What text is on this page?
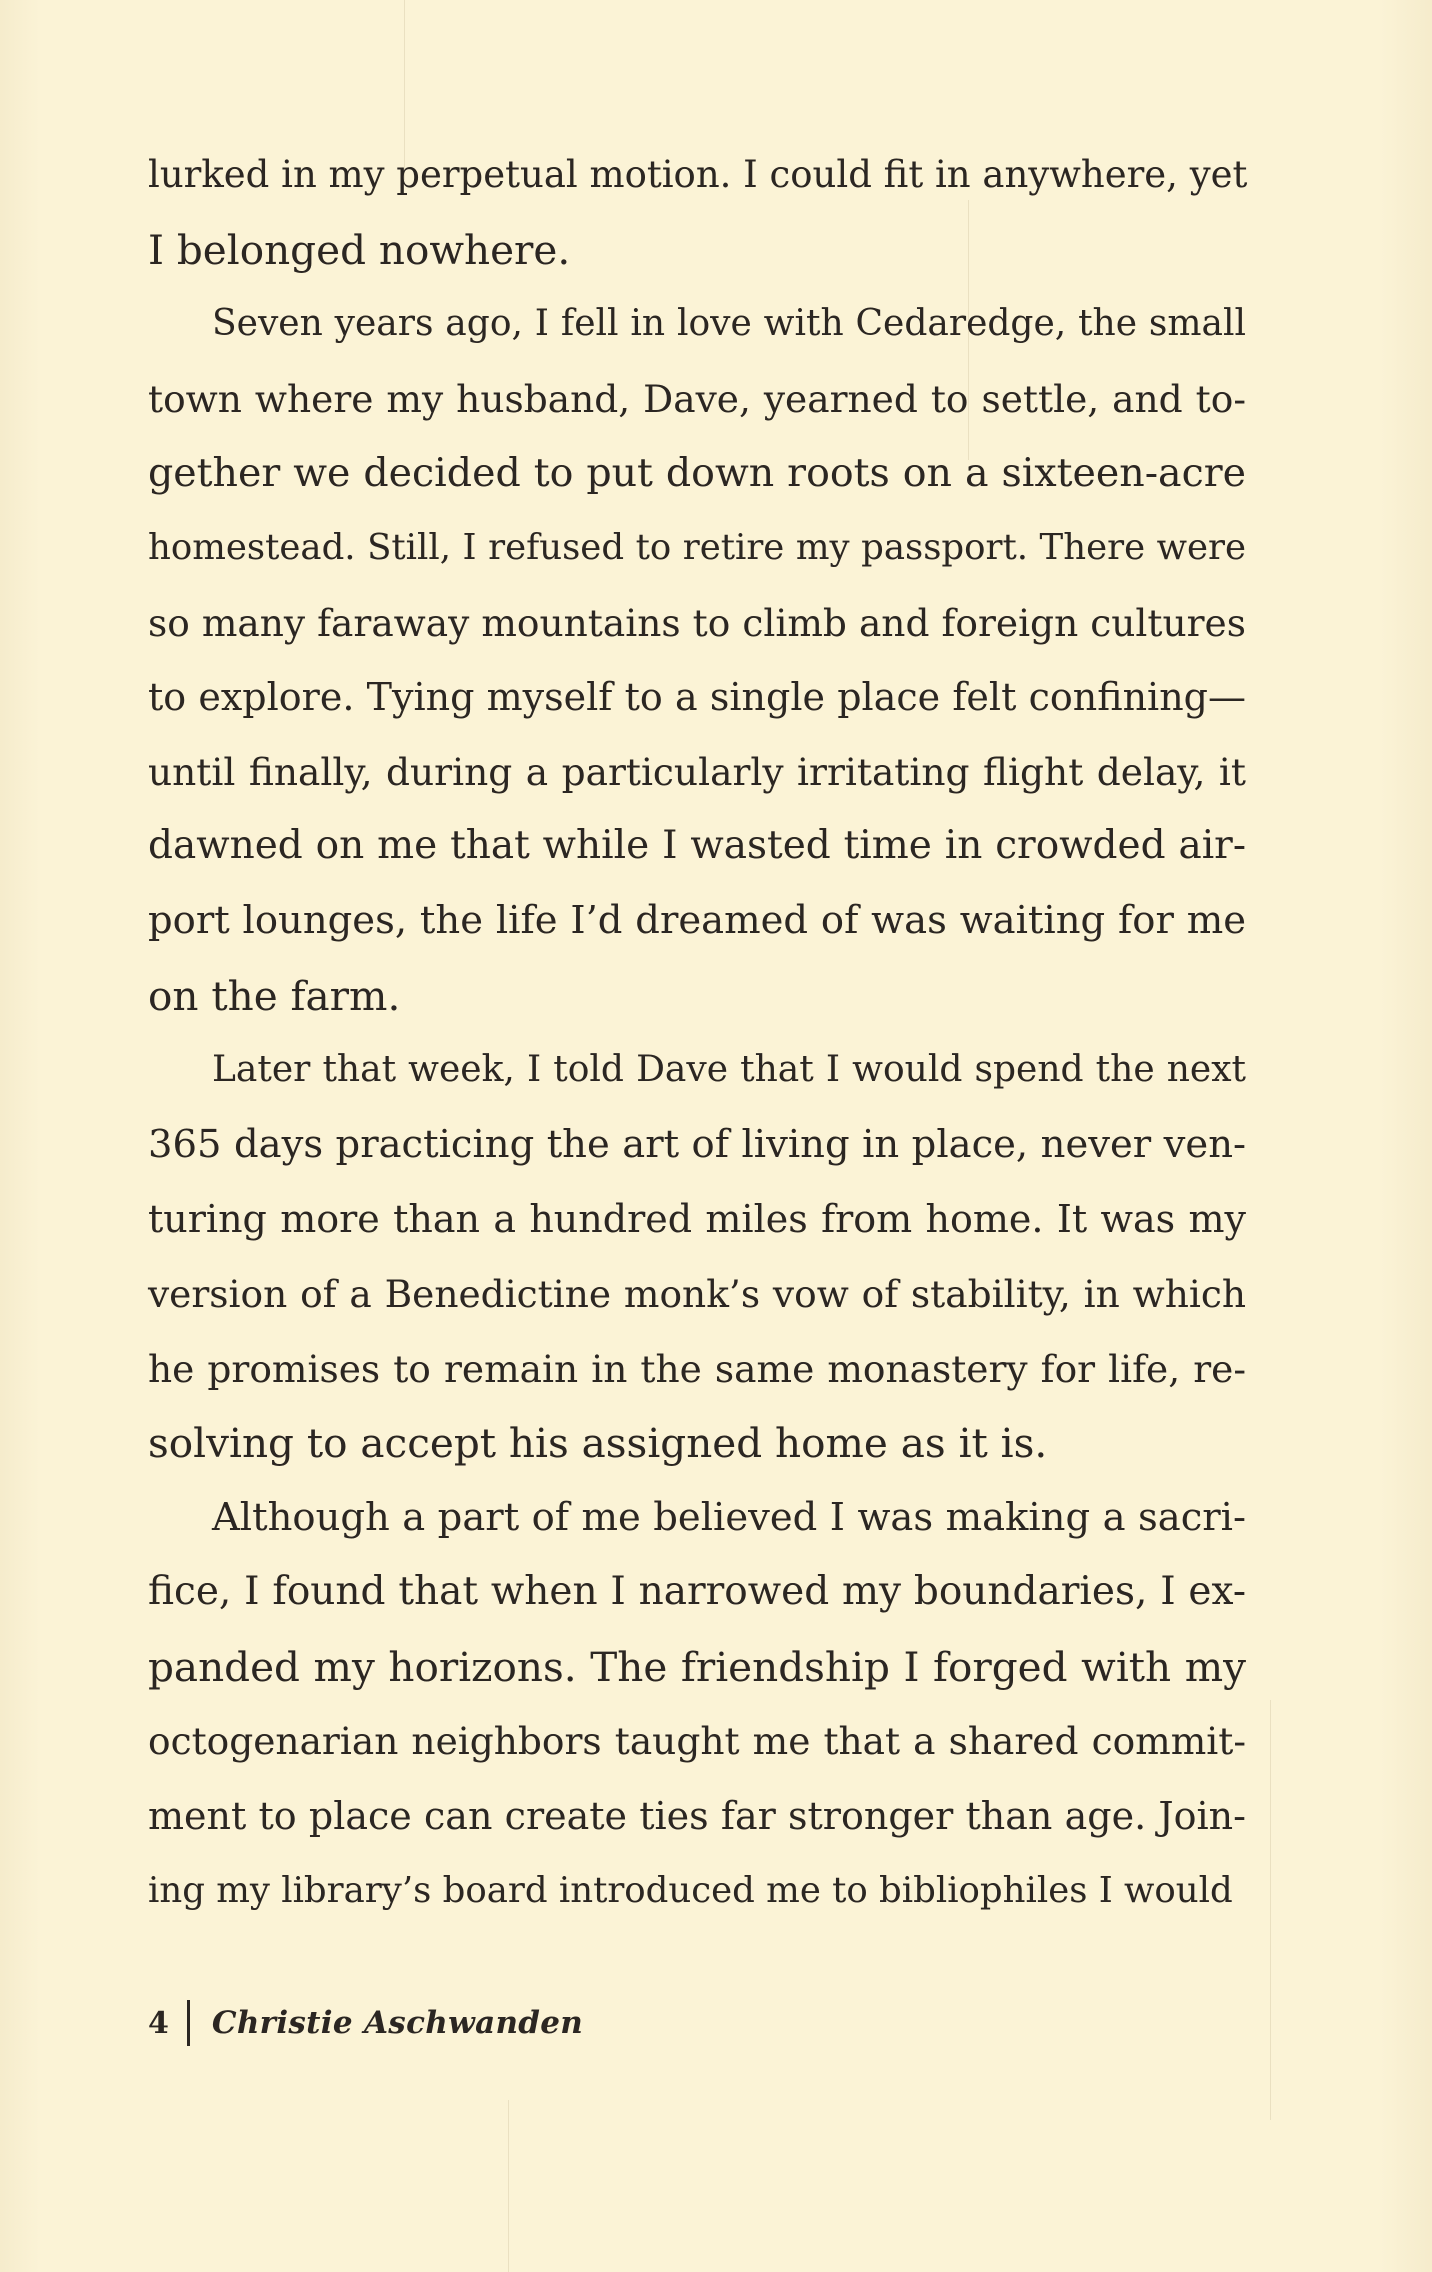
lurked in my perpetual motion. I could fit in anywhere, yet
I belonged nowhere.
Seven years ago, I fell in love with Cedaredge, the small
town where my husband, Dave, yearned to settle, and to-
gether we decided to put down roots on a sixteen-acre
homestead. Still, I refused to retire my passport. There were
so many faraway mountains to climb and foreign cultures
to explore. Tying myself to a single place felt confining—
until finally, during a particularly irritating flight delay, it
dawned on me that while I wasted time in crowded air-
port lounges, the life I’d dreamed of was waiting for me
on the farm.
Later that week, I told Dave that I would spend the next
365 days practicing the art of living in place, never ven-
turing more than a hundred miles from home. It was my
version of a Benedictine monk’s vow of stability, in which
he promises to remain in the same monastery for life, re-
solving to accept his assigned home as it is.
Although a part of me believed I was making a sacri-
fice, I found that when I narrowed my boundaries, I ex-
panded my horizons. The friendship I forged with my
octogenarian neighbors taught me that a shared commit-
ment to place can create ties far stronger than age. Join-
ing my library’s board introduced me to bibliophiles I would
4 Christie Aschwanden
